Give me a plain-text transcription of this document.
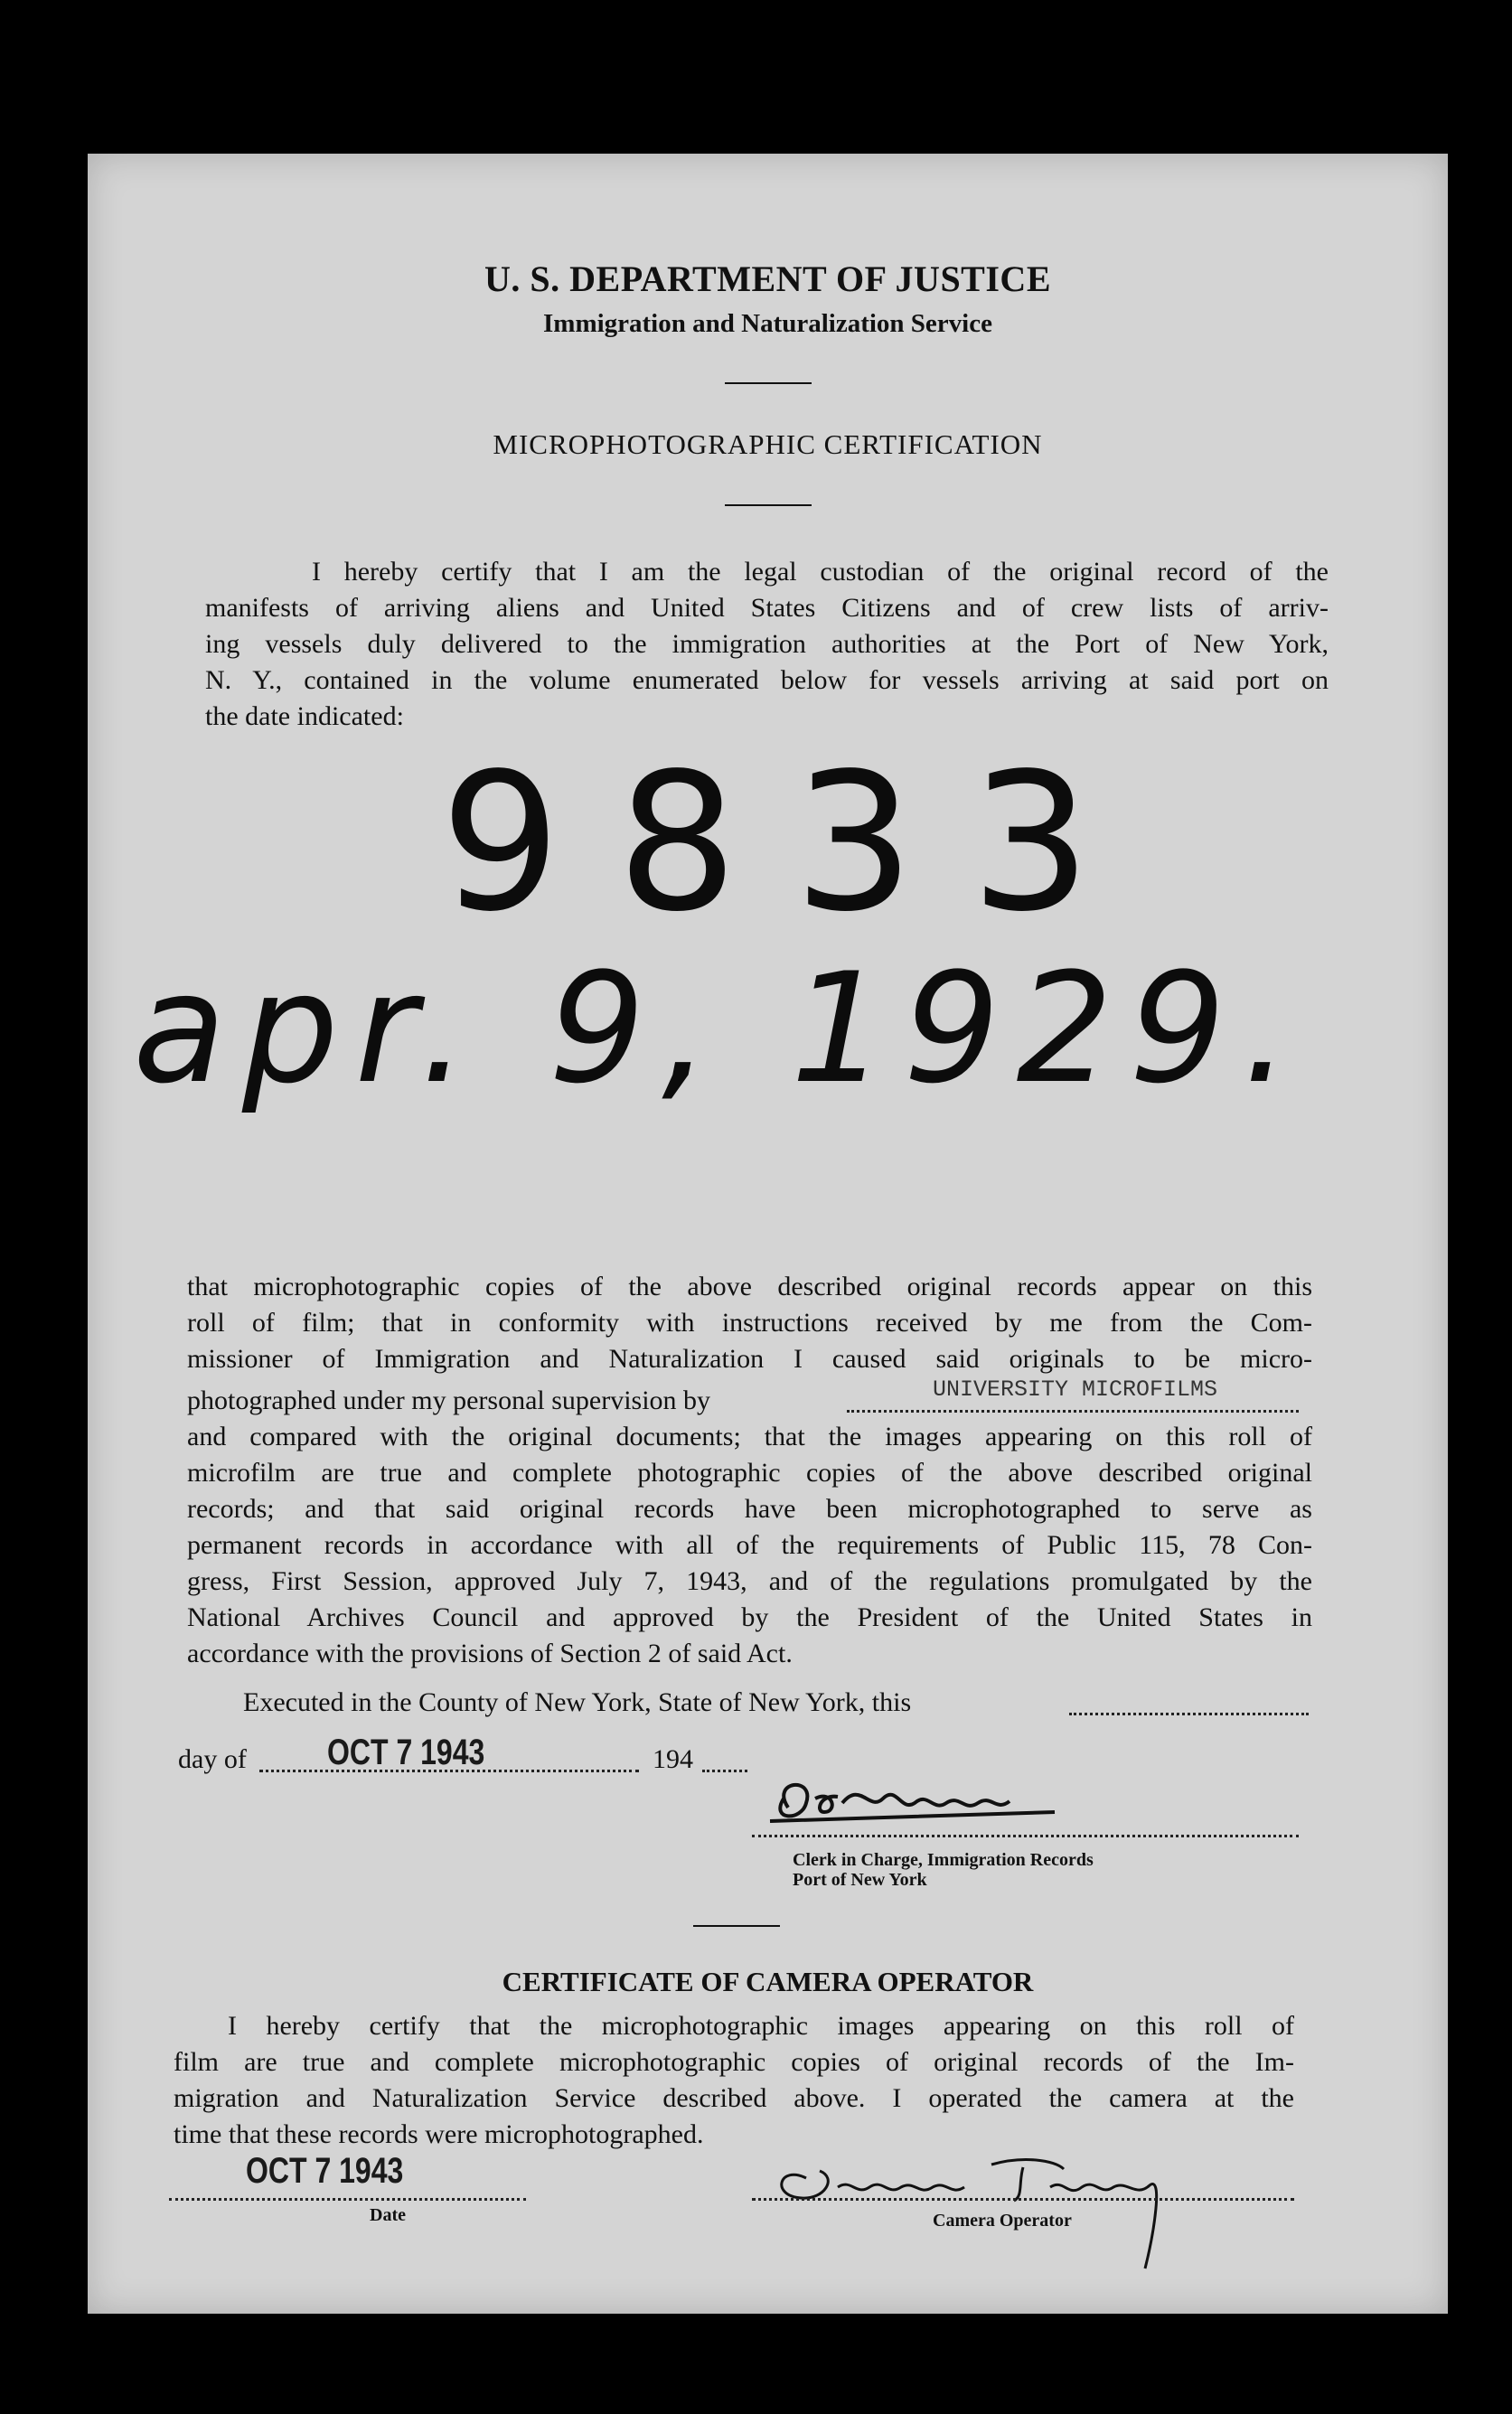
U. S. DEPARTMENT OF JUSTICE
Immigration and Naturalization Service
MICROPHOTOGRAPHIC CERTIFICATION
I hereby certify that I am the legal custodian of the original record of the
manifests of arriving aliens and United States Citizens and of crew lists of arriv-
ing vessels duly delivered to the immigration authorities at the Port of New York,
N. Y., contained in the volume enumerated below for vessels arriving at said port on
the date indicated:
9833
apr. 9, 1929.
that microphotographic copies of the above described original records appear on this
roll of film; that in conformity with instructions received by me from the Com-
missioner of Immigration and Naturalization I caused said originals to be micro-
photographed under my personal supervision by	UNIVERSITY MICROFILMS
and compared with the original documents; that the images appearing on this roll of
microfilm are true and complete photographic copies of the above described original
records; and that said original records have been microphotographed to serve as
permanent records in accordance with all of the requirements of Public 115, 78 Con-
gress, First Session, approved July 7, 1943, and of the regulations promulgated by the
National Archives Council and approved by the President of the United States in
accordance with the provisions of Section 2 of said Act.
Executed in the County of New York, State of New York, this
day of OCT 7 1943	194
Clerk in Charge, Immigration Records
Port of New York
CERTIFICATE OF CAMERA OPERATOR
I hereby certify that the microphotographic images appearing on this roll of
film are true and complete microphotographic copies of original records of the Im-
migration and Naturalization Service described above. I operated the camera at the
time that these records were microphotographed.
OCT 7 1943
Date	Camera Operator
